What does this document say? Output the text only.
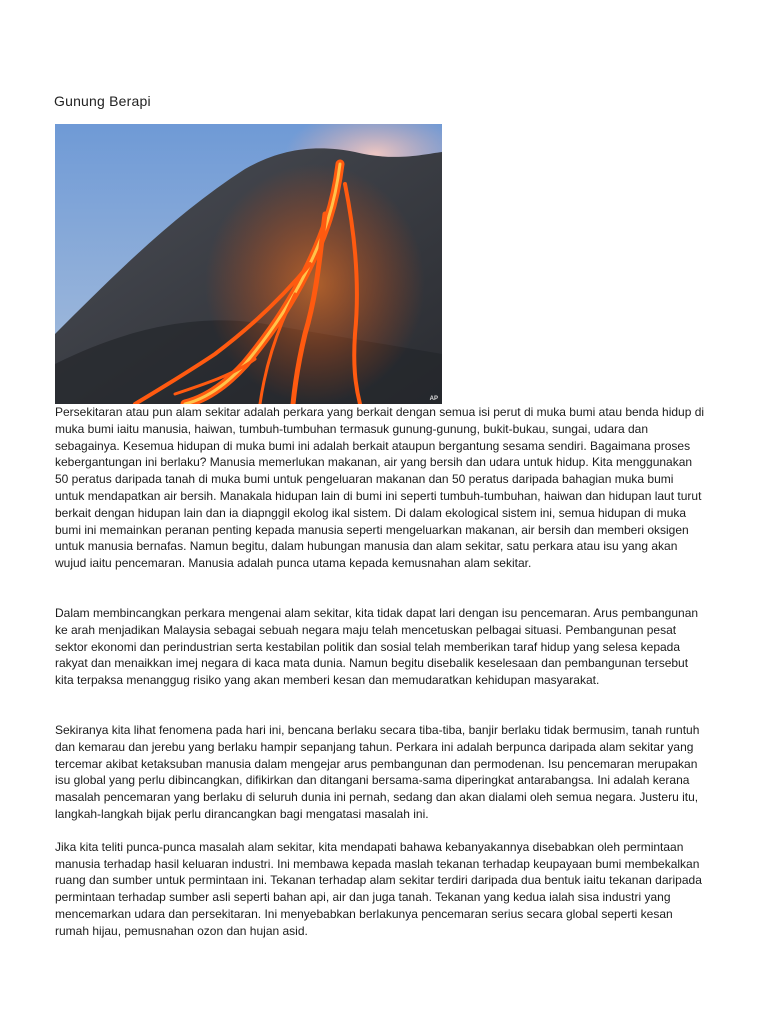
Gunung Berapi
AP

Persekitaran atau pun alam sekitar adalah perkara yang berkait dengan semua isi perut di muka bumi atau benda hidup di muka bumi iaitu manusia, haiwan, tumbuh-tumbuhan termasuk gunung-gunung, bukit-bukau, sungai, udara dan sebagainya. Kesemua hidupan di muka bumi ini adalah berkait ataupun bergantung sesama sendiri. Bagaimana proses kebergantungan ini berlaku? Manusia memerlukan makanan, air yang bersih dan udara untuk hidup. Kita menggunakan 50 peratus daripada tanah di muka bumi untuk pengeluaran makanan dan 50 peratus daripada bahagian muka bumi untuk mendapatkan air bersih. Manakala hidupan lain di bumi ini seperti tumbuh-tumbuhan, haiwan dan hidupan laut turut berkait dengan hidupan lain dan ia diapnggil ekolog ikal sistem. Di dalam ekological sistem ini, semua hidupan di muka bumi ini memainkan peranan penting kepada manusia seperti mengeluarkan makanan, air bersih dan memberi oksigen untuk manusia bernafas. Namun begitu, dalam hubungan manusia dan alam sekitar, satu perkara atau isu yang akan wujud iaitu pencemaran. Manusia adalah punca utama kepada kemusnahan alam sekitar.

Dalam membincangkan perkara mengenai alam sekitar, kita tidak dapat lari dengan isu pencemaran. Arus pembangunan ke arah menjadikan Malaysia sebagai sebuah negara maju telah mencetuskan pelbagai situasi. Pembangunan pesat sektor ekonomi dan perindustrian serta kestabilan politik dan sosial telah memberikan taraf hidup yang selesa kepada rakyat dan menaikkan imej negara di kaca mata dunia. Namun begitu disebalik keselesaan dan pembangunan tersebut kita terpaksa menanggug risiko yang akan memberi kesan dan memudaratkan kehidupan masyarakat.

Sekiranya kita lihat fenomena pada hari ini, bencana berlaku secara tiba-tiba, banjir berlaku tidak bermusim, tanah runtuh dan kemarau dan jerebu yang berlaku hampir sepanjang tahun. Perkara ini adalah berpunca daripada alam sekitar yang tercemar akibat ketaksuban manusia dalam mengejar arus pembangunan dan permodenan. Isu pencemaran merupakan isu global yang perlu dibincangkan, difikirkan dan ditangani bersama-sama diperingkat antarabangsa. Ini adalah kerana masalah pencemaran yang berlaku di seluruh dunia ini pernah, sedang dan akan dialami oleh semua negara. Justeru itu, langkah-langkah bijak perlu dirancangkan bagi mengatasi masalah ini.

Jika kita teliti punca-punca masalah alam sekitar, kita mendapati bahawa kebanyakannya disebabkan oleh permintaan manusia terhadap hasil keluaran industri. Ini membawa kepada maslah tekanan terhadap keupayaan bumi membekalkan ruang dan sumber untuk permintaan ini. Tekanan terhadap alam sekitar terdiri daripada dua bentuk iaitu tekanan daripada permintaan terhadap sumber asli seperti bahan api, air dan juga tanah. Tekanan yang kedua ialah sisa industri yang mencemarkan udara dan persekitaran. Ini menyebabkan berlakunya pencemaran serius secara global seperti kesan rumah hijau, pemusnahan ozon dan hujan asid.
